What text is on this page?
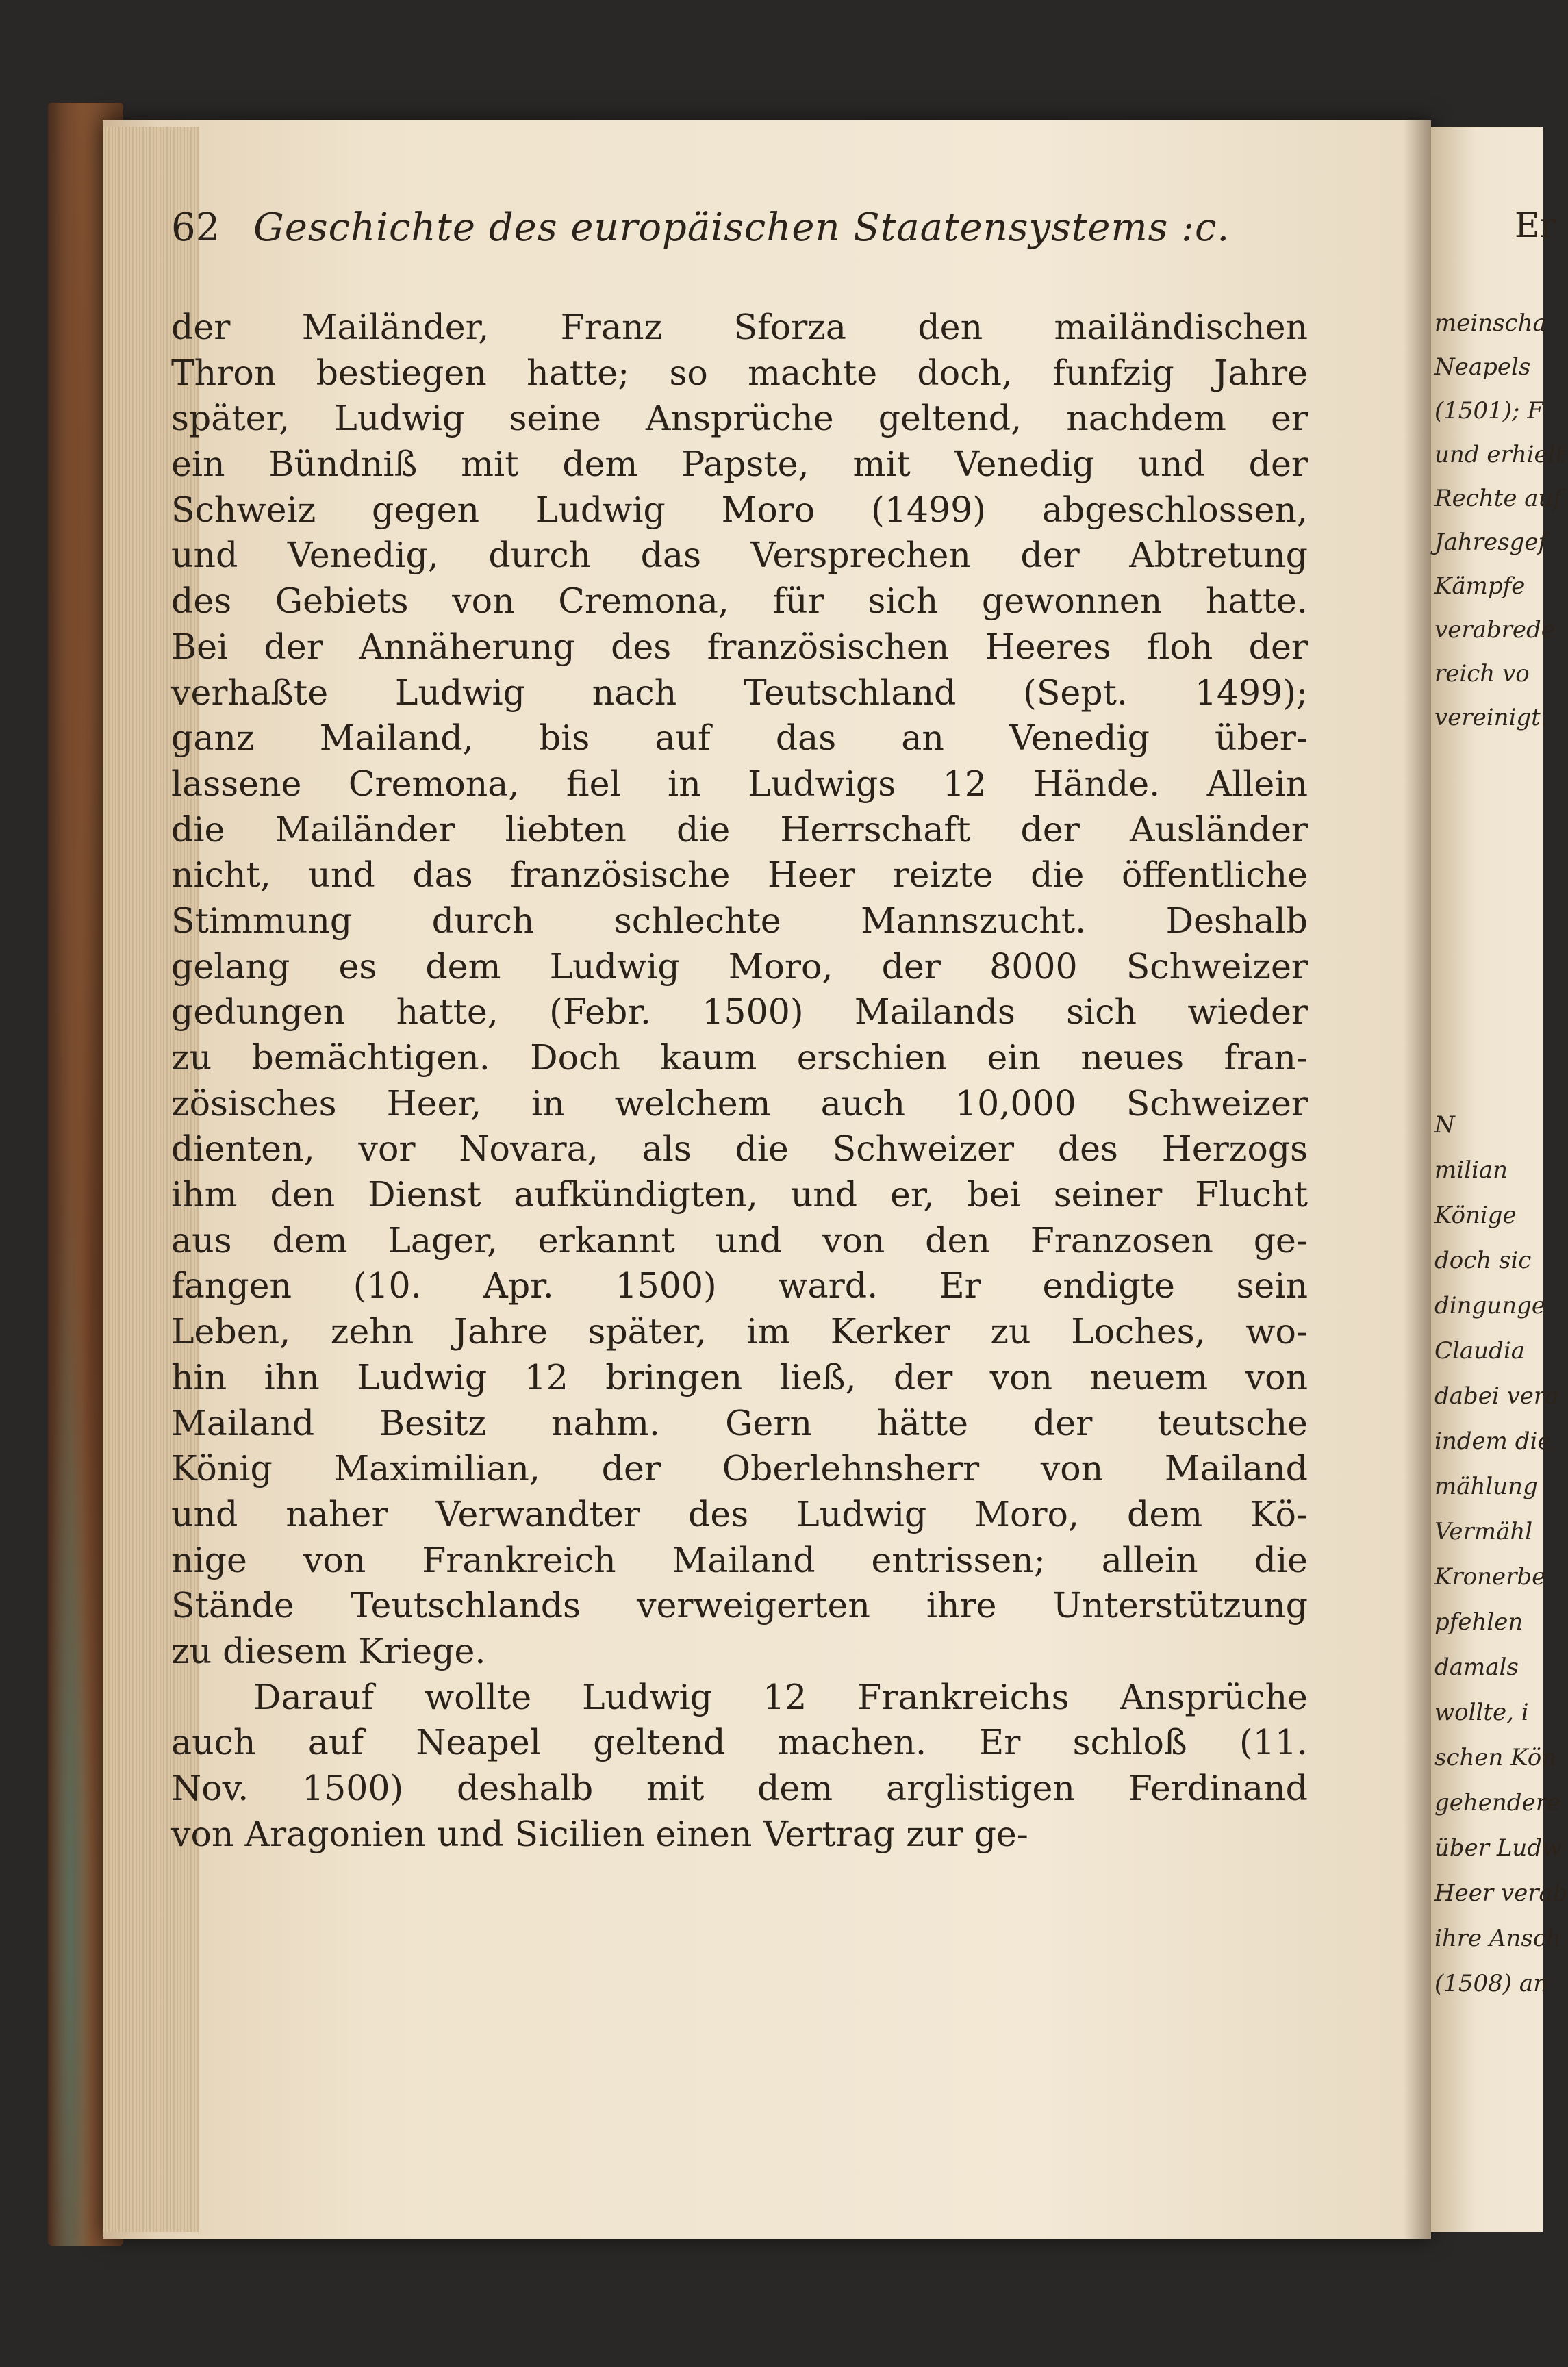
62 Geschichte des europäischen Staatensystems :c.
der Mailänder, Franz Sforza den mailändischen
Thron bestiegen hatte; so machte doch, funfzig Jahre
später, Ludwig seine Ansprüche geltend, nachdem er
ein Bündniß mit dem Papste, mit Venedig und der
Schweiz gegen Ludwig Moro (1499) abgeschlossen,
und Venedig, durch das Versprechen der Abtretung
des Gebiets von Cremona, für sich gewonnen hatte.
Bei der Annäherung des französischen Heeres floh der
verhaßte Ludwig nach Teutschland (Sept. 1499);
ganz Mailand, bis auf das an Venedig über-
lassene Cremona, fiel in Ludwigs 12 Hände. Allein
die Mailänder liebten die Herrschaft der Ausländer
nicht, und das französische Heer reizte die öffentliche
Stimmung durch schlechte Mannszucht. Deshalb
gelang es dem Ludwig Moro, der 8000 Schweizer
gedungen hatte, (Febr. 1500) Mailands sich wieder
zu bemächtigen. Doch kaum erschien ein neues fran-
zösisches Heer, in welchem auch 10,000 Schweizer
dienten, vor Novara, als die Schweizer des Herzogs
ihm den Dienst aufkündigten, und er, bei seiner Flucht
aus dem Lager, erkannt und von den Franzosen ge-
fangen (10. Apr. 1500) ward. Er endigte sein
Leben, zehn Jahre später, im Kerker zu Loches, wo-
hin ihn Ludwig 12 bringen ließ, der von neuem von
Mailand Besitz nahm. Gern hätte der teutsche
König Maximilian, der Oberlehnsherr von Mailand
und naher Verwandter des Ludwig Moro, dem Kö-
nige von Frankreich Mailand entrissen; allein die
Stände Teutschlands verweigerten ihre Unterstützung
zu diesem Kriege.
Darauf wollte Ludwig 12 Frankreichs Ansprüche
auch auf Neapel geltend machen. Er schloß (11.
Nov. 1500) deshalb mit dem arglistigen Ferdinand
von Aragonien und Sicilien einen Vertrag zur ge-
Er
meinscha
Neapels
(1501); F
und erhielt
Rechte auf
Jahresgef
Kämpfe
verabrede
reich vo
vereinigt.
N
milian
Könige
doch sic
dingunge
Claudia
dabei vera
indem die
mählung
Vermähl
Kronerbe
pfehlen
damals
wollte, i
schen Kön
gehendere
über Ludw
Heer verab
ihre Ansch
(1508) an
